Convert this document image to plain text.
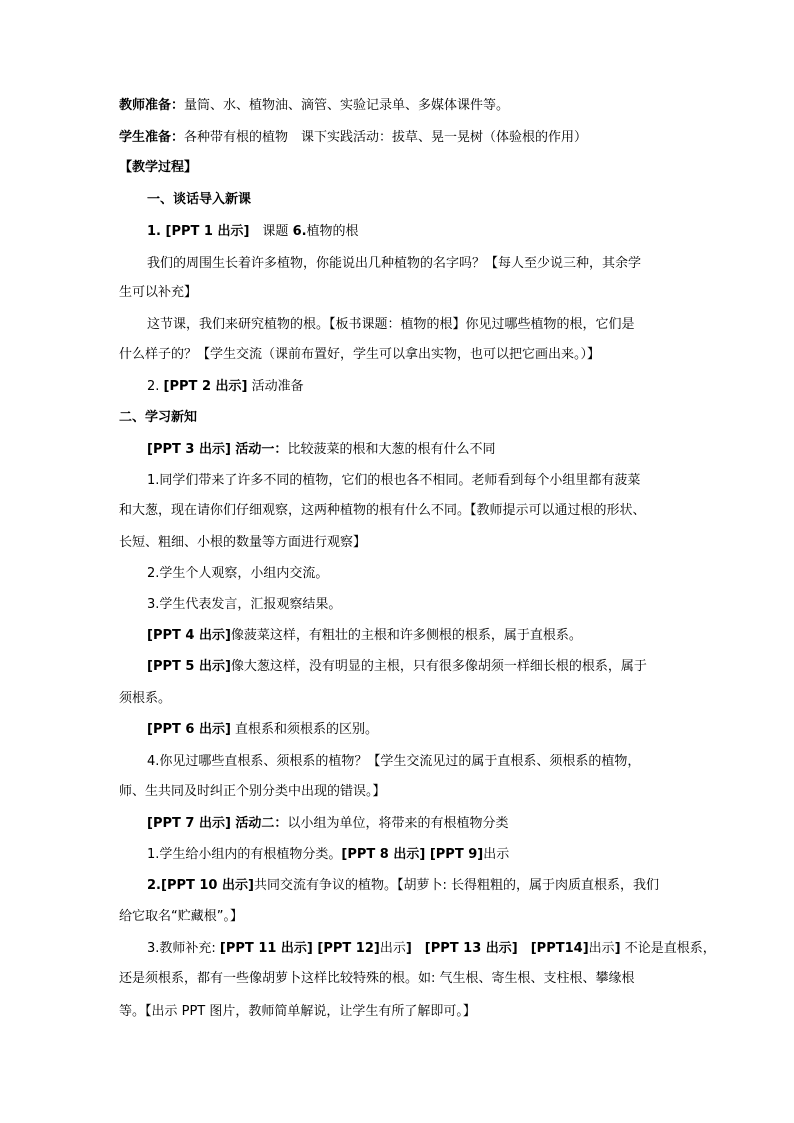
教师准备：量筒、水、植物油、滴管、实验记录单、多媒体课件等。
学生准备：各种带有根的植物　课下实践活动：拔草、晃一晃树（体验根的作用）
【教学过程】
一、谈话导入新课
1. [PPT 1 出示]　课题 6.植物的根
我们的周围生长着许多植物，你能说出几种植物的名字吗？【每人至少说三种，其余学
生可以补充】
这节课，我们来研究植物的根。【板书课题：植物的根】你见过哪些植物的根，它们是
什么样子的？【学生交流（课前布置好，学生可以拿出实物，也可以把它画出来。）】
2. [PPT 2 出示] 活动准备
二、学习新知
[PPT 3 出示] 活动一：比较菠菜的根和大葱的根有什么不同
1.同学们带来了许多不同的植物，它们的根也各不相同。老师看到每个小组里都有菠菜
和大葱，现在请你们仔细观察，这两种植物的根有什么不同。【教师提示可以通过根的形状、
长短、粗细、小根的数量等方面进行观察】
2.学生个人观察，小组内交流。
3.学生代表发言，汇报观察结果。
[PPT 4 出示]像菠菜这样，有粗壮的主根和许多侧根的根系，属于直根系。
[PPT 5 出示]像大葱这样，没有明显的主根，只有很多像胡须一样细长根的根系，属于
须根系。
[PPT 6 出示] 直根系和须根系的区别。
4.你见过哪些直根系、须根系的植物？【学生交流见过的属于直根系、须根系的植物，
师、生共同及时纠正个别分类中出现的错误。】
[PPT 7 出示] 活动二：以小组为单位，将带来的有根植物分类
1.学生给小组内的有根植物分类。[PPT 8 出示] [PPT 9]出示
2.[PPT 10 出示]共同交流有争议的植物。【胡萝卜: 长得粗粗的，属于肉质直根系，我们
给它取名“贮藏根”。】
3.教师补充: [PPT 11 出示] [PPT 12]出示]　[PPT 13 出示]　[PPT14]出示] 不论是直根系，
还是须根系，都有一些像胡萝卜这样比较特殊的根。如: 气生根、寄生根、支柱根、攀缘根
等。【出示 PPT 图片，教师简单解说，让学生有所了解即可。】
